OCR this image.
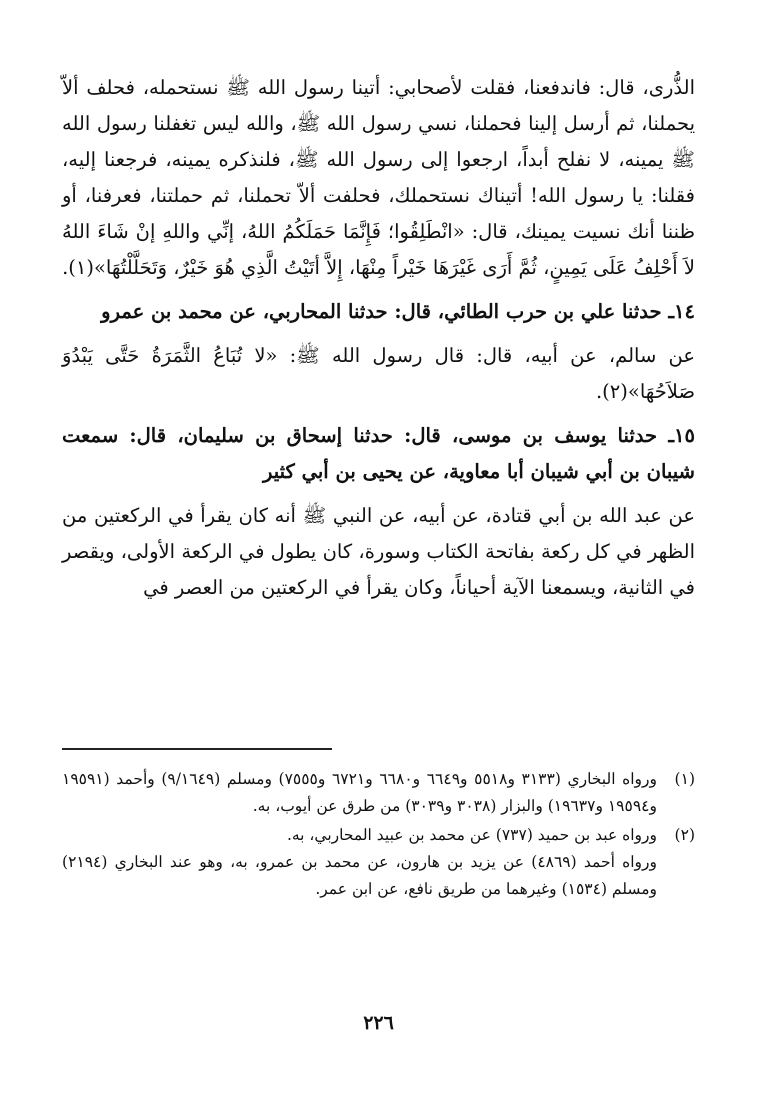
الذُّرى، قال: فاندفعنا، فقلت لأصحابي: أتينا رسول الله ﷺ نستحمله، فحلف ألاّ يحملنا، ثم أرسل إلينا فحملنا، نسي رسول الله ﷺ، والله ليس تغفلنا رسول الله ﷺ يمينه، لا نفلح أبداً، ارجعوا إلى رسول الله ﷺ، فلنذكره يمينه، فرجعنا إليه، فقلنا: يا رسول الله! أتيناك نستحملك، فحلفت ألاّ تحملنا، ثم حملتنا، فعرفنا، أو ظننا أنك نسيت يمينك، قال: «انْطَلِقُوا؛ فَإِنَّمَا حَمَلَكُمُ اللهُ، إنِّي واللهِ إنْ شَاءَ اللهُ لاَ أَحْلِفُ عَلَى يَمِينٍ، ثُمَّ أَرَى غَيْرَهَا خَيْراً مِنْهَا، إِلاَّ أتَيْتُ الَّذِي هُوَ خَيْرٌ، وَتَحَلَّلْتُهَا»(١).

١٤ـ حدثنا علي بن حرب الطائي، قال: حدثنا المحاربي، عن محمد بن عمرو

عن سالم، عن أبيه، قال: قال رسول الله ﷺ: «لا تُبَاعُ الثَّمَرَةُ حَتَّى يَبْدُوَ صَلاَحُهَا»(٢).

١٥ـ حدثنا يوسف بن موسى، قال: حدثنا إسحاق بن سليمان، قال: سمعت شيبان بن أبي شيبان أبا معاوية، عن يحيى بن أبي كثير

عن عبد الله بن أبي قتادة، عن أبيه، عن النبي ﷺ أنه كان يقرأ في الركعتين من الظهر في كل ركعة بفاتحة الكتاب وسورة، كان يطول في الركعة الأولى، ويقصر في الثانية، ويسمعنا الآية أحياناً، وكان يقرأ في الركعتين من العصر في

(١)
ورواه البخاري (٣١٣٣ و٥٥١٨ و٦٦٤٩ و٦٦٨٠ و٦٧٢١ و٧٥٥٥) ومسلم (٩/١٦٤٩) وأحمد (١٩٥٩١ و١٩٥٩٤ و١٩٦٣٧) والبزار (٣٠٣٨ و٣٠٣٩) من طرق عن أيوب، به.
(٢)
ورواه عبد بن حميد (٧٣٧) عن محمد بن عبيد المحاربي، به.
ورواه أحمد (٤٨٦٩) عن يزيد بن هارون، عن محمد بن عمرو، به، وهو عند البخاري (٢١٩٤) ومسلم (١٥٣٤) وغيرهما من طريق نافع، عن ابن عمر.
٢٢٦
